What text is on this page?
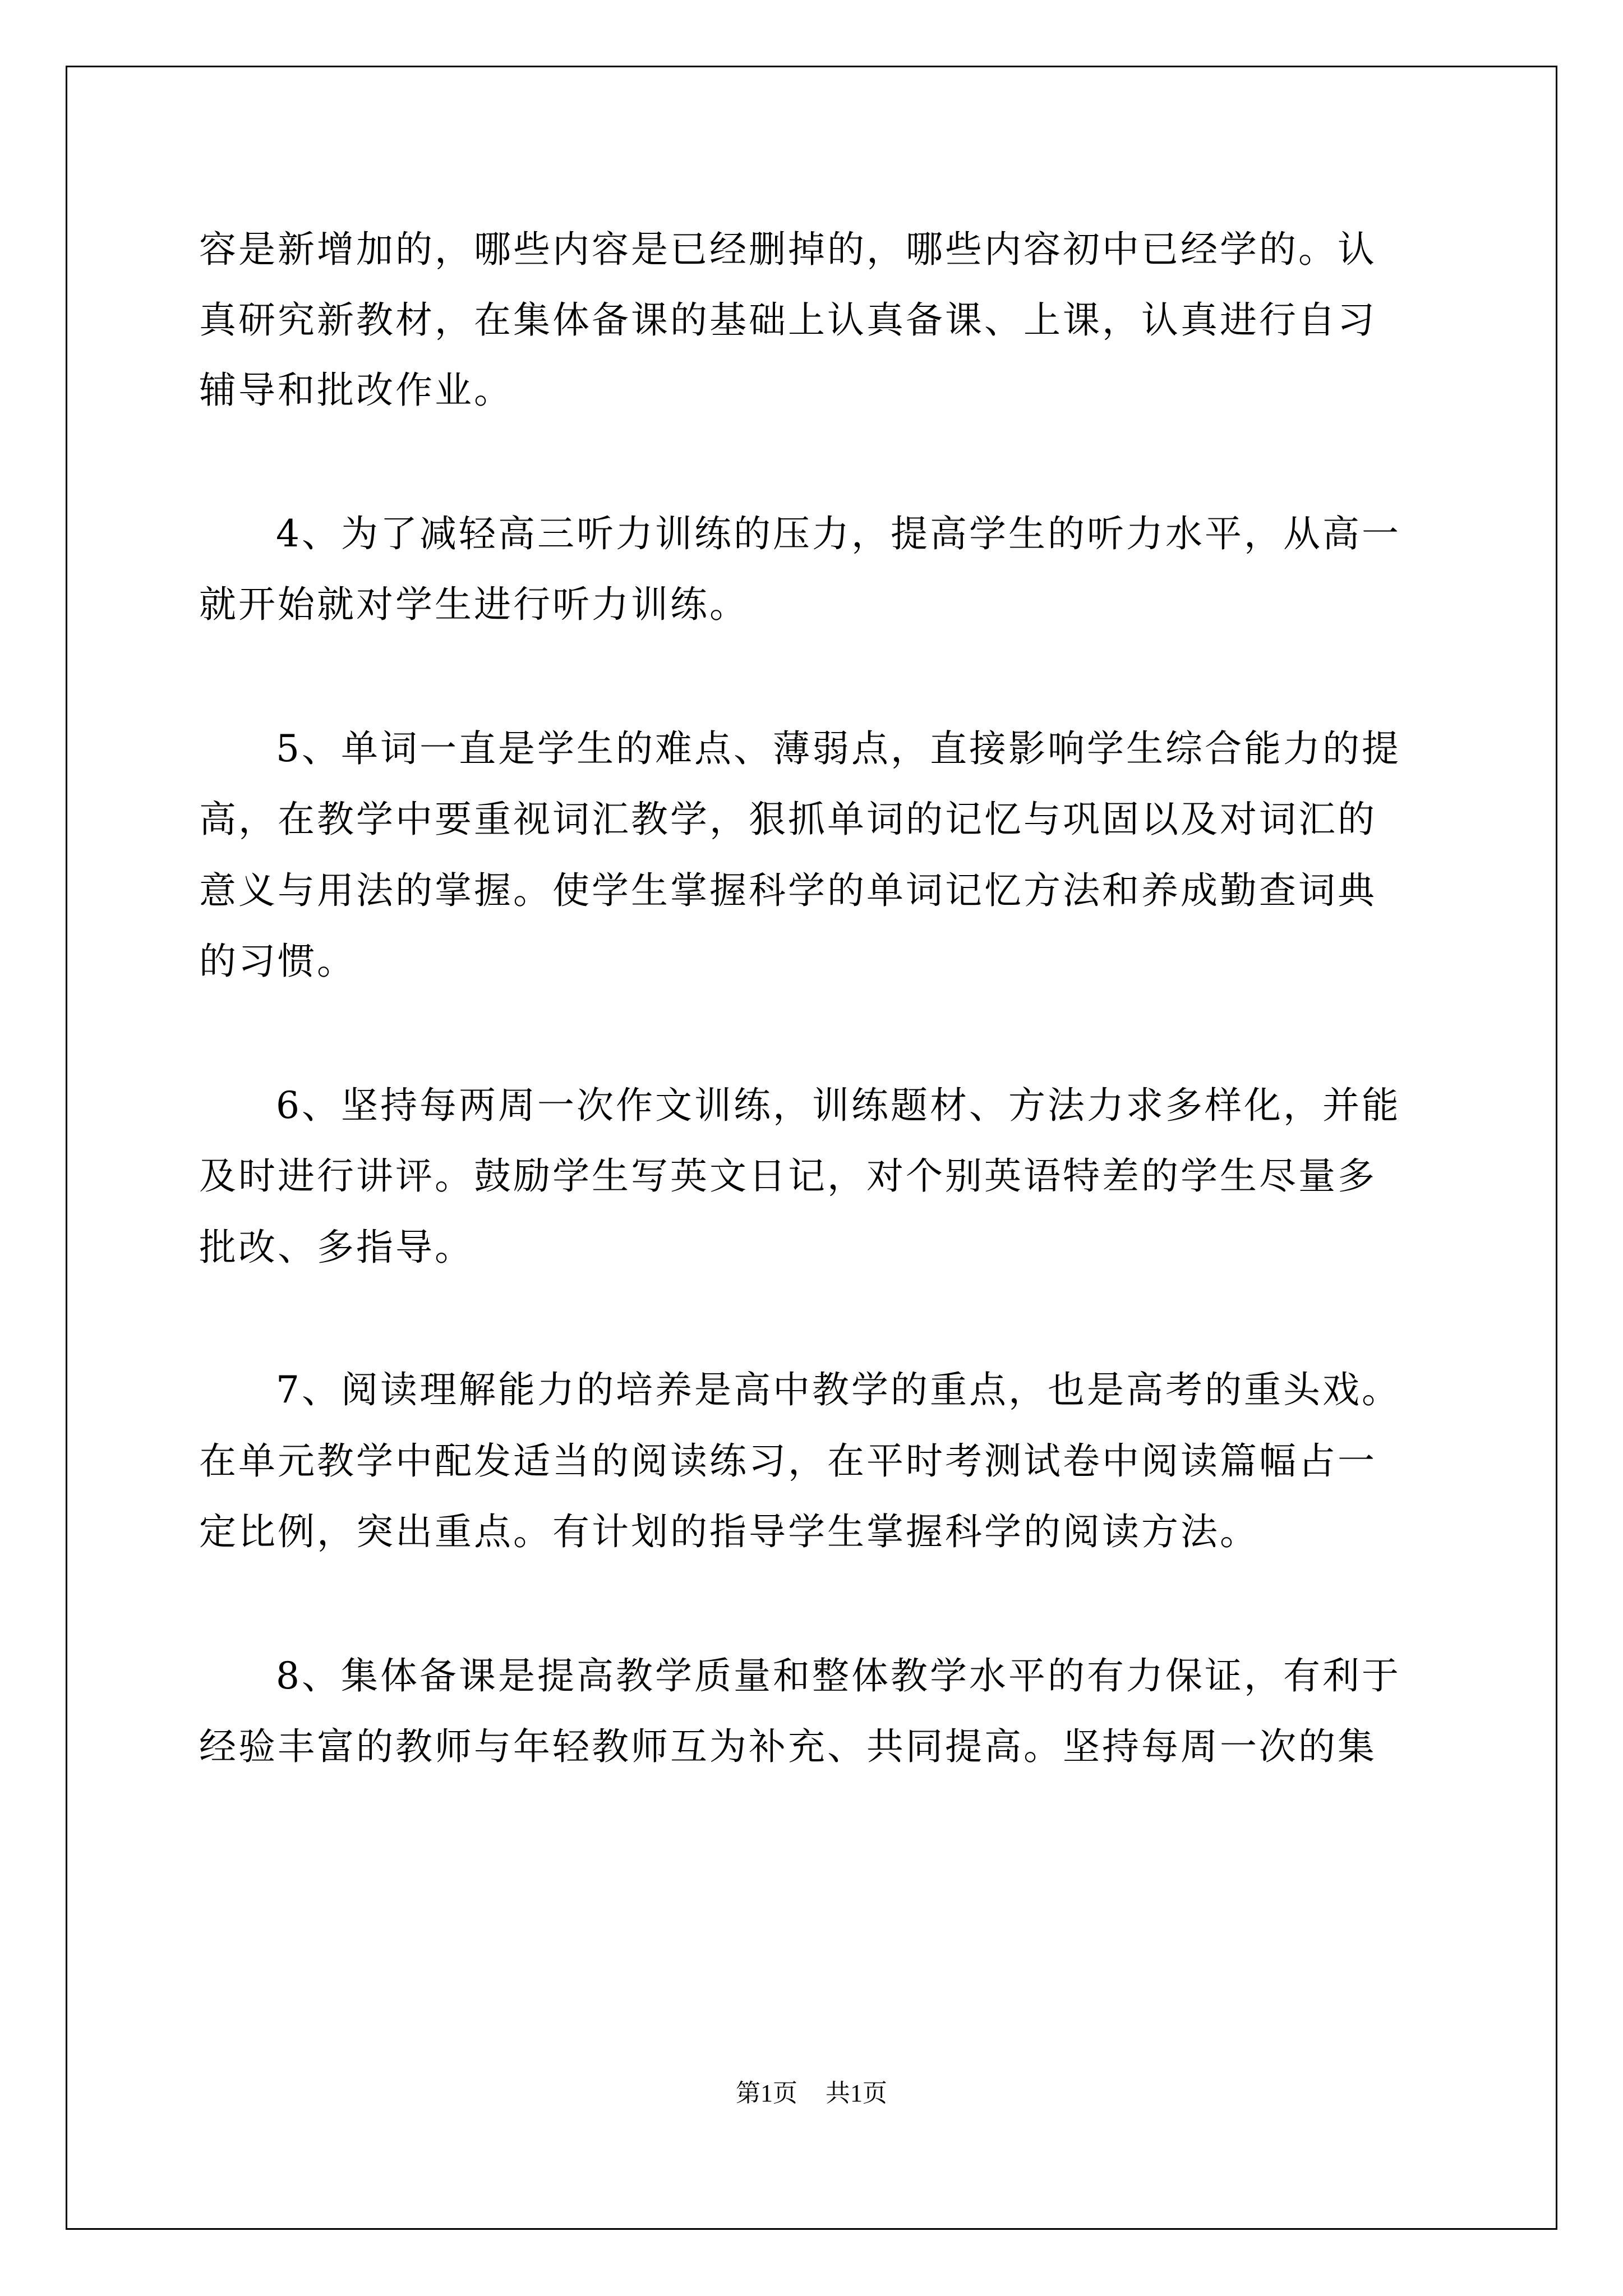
容是新增加的，哪些内容是已经删掉的，哪些内容初中已经学的。认

真研究新教材，在集体备课的基础上认真备课、上课，认真进行自习

辅导和批改作业。

4、为了减轻高三听力训练的压力，提高学生的听力水平，从高一

就开始就对学生进行听力训练。

5、单词一直是学生的难点、薄弱点，直接影响学生综合能力的提

高，在教学中要重视词汇教学，狠抓单词的记忆与巩固以及对词汇的

意义与用法的掌握。使学生掌握科学的单词记忆方法和养成勤查词典

的习惯。

6、坚持每两周一次作文训练，训练题材、方法力求多样化，并能

及时进行讲评。鼓励学生写英文日记，对个别英语特差的学生尽量多

批改、多指导。

7、阅读理解能力的培养是高中教学的重点，也是高考的重头戏。

在单元教学中配发适当的阅读练习，在平时考测试卷中阅读篇幅占一

定比例，突出重点。有计划的指导学生掌握科学的阅读方法。

8、集体备课是提高教学质量和整体教学水平的有力保证，有利于

经验丰富的教师与年轻教师互为补充、共同提高。坚持每周一次的集

第1页 共1页
